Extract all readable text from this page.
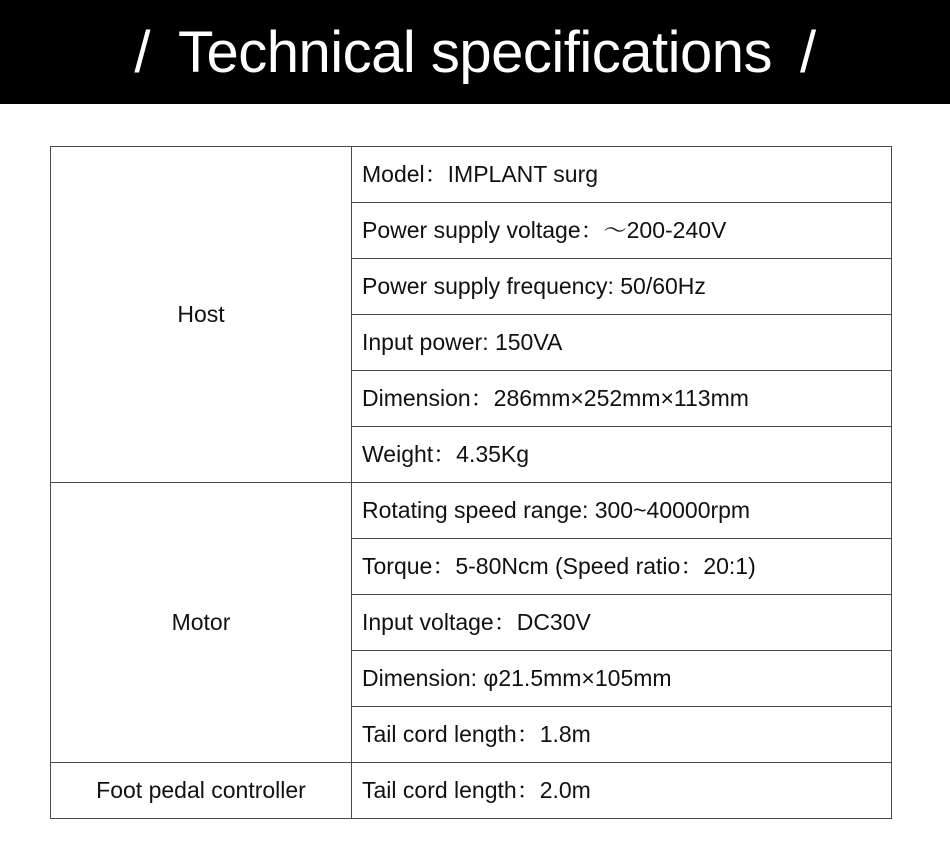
/ Technical specifications /
Host	Model：IMPLANT surg
	Power supply voltage：～200-240V
	Power supply frequency: 50/60Hz
	Input power: 150VA
	Dimension：286mm×252mm×113mm
	Weight：4.35Kg
Motor	Rotating speed range: 300~40000rpm
	Torque：5-80Ncm (Speed ratio：20:1)
	Input voltage：DC30V
	Dimension: φ21.5mm×105mm
	Tail cord length：1.8m
Foot pedal controller	Tail cord length：2.0m
